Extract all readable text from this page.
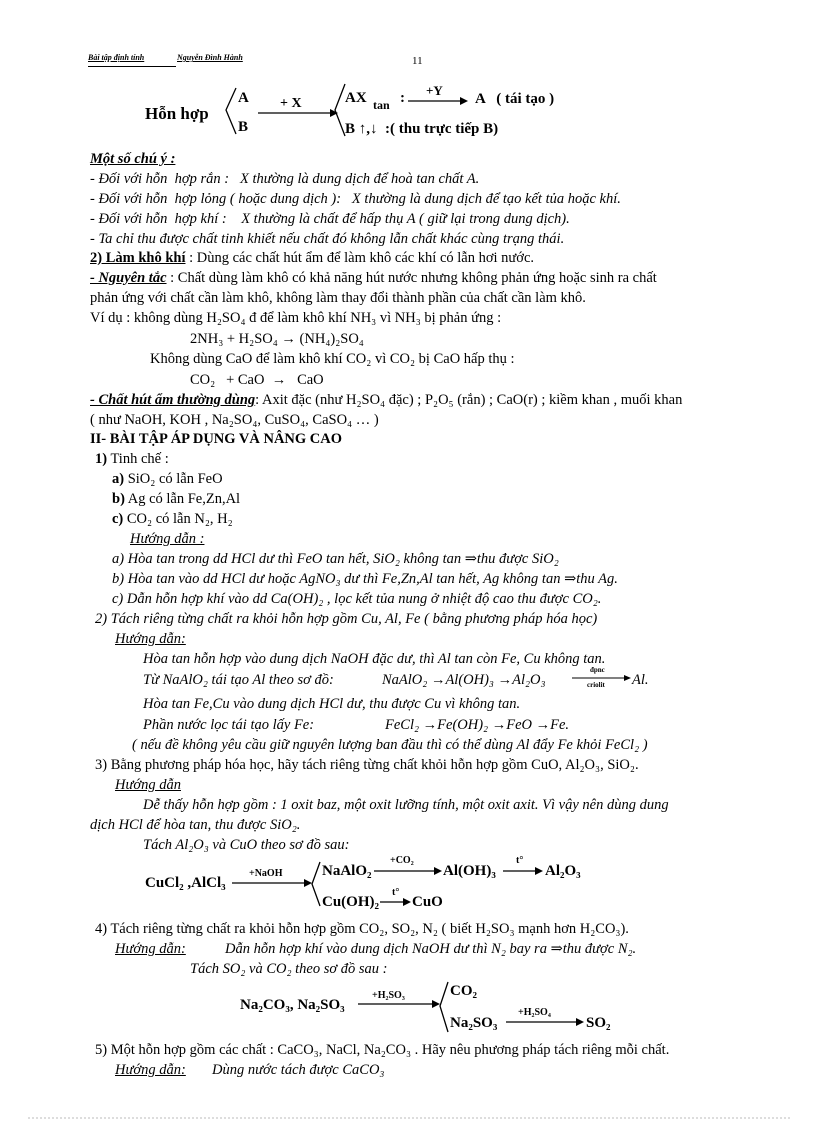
Bài tập định tính	Nguyễn Đình Hành	11
Hỗn hợp
A
B
+ X	AX tan : +Y
A   ( tái tạo )
B ↑,↓  :( thu trực tiếp B)
Một số chú ý :
- Đối với hỗn  hợp rắn :   X thường là dung dịch để hoà tan chất A.
- Đối với hỗn  hợp lỏng ( hoặc dung dịch ):   X thường là dung dịch để tạo kết tủa hoặc khí.
- Đối với hỗn  hợp khí :    X thường là chất để hấp thụ A ( giữ lại trong dung dịch).
- Ta chỉ thu được chất tinh khiết nếu chất đó không lẫn chất khác cùng trạng thái.
2) Làm khô khí : Dùng các chất hút ẩm để làm khô các khí có lẫn hơi nước.
- Nguyên tắc : Chất dùng làm khô có khả năng hút nước nhưng không phản ứng hoặc sinh ra chất
phản ứng với chất cần làm khô, không làm thay đổi thành phần của chất cần làm khô.
Ví dụ : không dùng H₂SO₄ đ để làm khô khí NH₃ vì NH₃ bị phản ứng :
2NH₃ + H₂SO₄ → (NH₄)₂SO₄
Không dùng CaO để làm khô khí CO₂ vì CO₂ bị CaO hấp thụ :
CO₂   + CaO  →   CaO
- Chất hút ẩm thường dùng: Axit đặc (như H₂SO₄ đặc) ; P₂O₅ (rắn) ; CaO(r) ; kiềm khan , muối khan
( như NaOH, KOH , Na₂SO₄, CuSO₄, CaSO₄ … )
II- BÀI TẬP ÁP DỤNG VÀ NÂNG CAO
1) Tinh chế :
a) SiO₂ có lẫn FeO
b) Ag có lẫn Fe,Zn,Al
c) CO₂ có lẫn N₂, H₂
Hướng dẫn :
a) Hòa tan trong dd HCl dư thì FeO tan hết, SiO₂ không tan ⇒thu được SiO₂
b) Hòa tan vào dd HCl dư hoặc AgNO₃ dư thì Fe,Zn,Al tan hết, Ag không tan ⇒thu Ag.
c) Dẫn hỗn hợp khí vào dd Ca(OH)₂ , lọc kết tủa nung ở nhiệt độ cao thu được CO₂.
2) Tách riêng từng chất ra khỏi hỗn hợp gồm Cu, Al, Fe ( bằng phương pháp hóa học)
Hướng dẫn:
Hòa tan hỗn hợp vào dung dịch NaOH đặc dư, thì Al tan còn Fe, Cu không tan.
Từ NaAlO₂ tái tạo Al theo sơ đồ:	NaAlO₂ →Al(OH)₃ →Al₂O₃
đpnc
criolit Al.
Hòa tan Fe,Cu vào dung dịch HCl dư, thu được Cu vì không tan.
Phần nước lọc tái tạo lấy Fe:	FeCl₂ →Fe(OH)₂ →FeO →Fe.
( nếu đề không yêu cầu giữ nguyên lượng ban đầu thì có thể dùng Al đẩy Fe khỏi FeCl₂ )
3) Bằng phương pháp hóa học, hãy tách riêng từng chất khỏi hỗn hợp gồm CuO, Al₂O₃, SiO₂.
Hướng dẫn
Dễ thấy hỗn hợp gồm : 1 oxit baz, một oxit lưỡng tính, một oxit axit. Vì vậy nên dùng dung
dịch HCl để hòa tan, thu được SiO₂.
Tách Al₂O₃ và CuO theo sơ đồ sau:
CuCl₂ ,AlCl₃
+NaOH	NaAlO₂
+CO₂
Al(OH)₃
t°
Al₂O₃
Cu(OH)₂
t°
CuO
4) Tách riêng từng chất ra khỏi hỗn hợp gồm CO₂, SO₂, N₂ ( biết H₂SO₃ mạnh hơn H₂CO₃).
Hướng dẫn:	Dẫn hỗn hợp khí vào dung dịch NaOH dư thì N₂ bay ra ⇒thu được N₂.
Tách SO₂ và CO₂ theo sơ đồ sau :
Na₂CO₃, Na₂SO₃
+H₂SO₃	CO₂
Na₂SO₃
+H₂SO₄
SO₂
5) Một hỗn hợp gồm các chất : CaCO₃, NaCl, Na₂CO₃ . Hãy nêu phương pháp tách riêng mỗi chất.
Hướng dẫn: Dùng nước tách được CaCO₃
